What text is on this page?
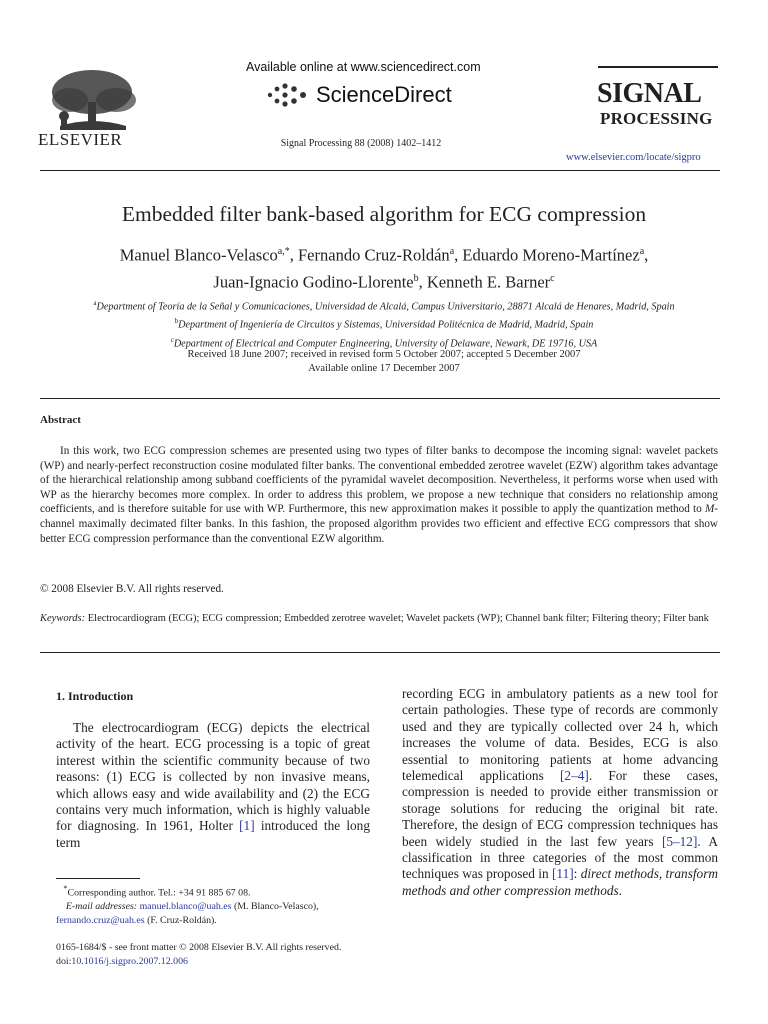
ELSEVIER
Available online at www.sciencedirect.com
ScienceDirect
Signal Processing 88 (2008) 1402–1412
SIGNAL
PROCESSING
www.elsevier.com/locate/sigpro
Embedded filter bank-based algorithm for ECG compression
Manuel Blanco-Velasco$^{a,*}$, Fernando Cruz-Roldán$^a$, Eduardo Moreno-Martínez$^a$,
Juan-Ignacio Godino-Llorente$^b$, Kenneth E. Barner$^c$
$^a$Department of Teoría de la Señal y Comunicaciones, Universidad de Alcalá, Campus Universitario, 28871 Alcalá de Henares, Madrid, Spain
$^b$Department of Ingeniería de Circuitos y Sistemas, Universidad Politécnica de Madrid, Madrid, Spain
$^c$Department of Electrical and Computer Engineering, University of Delaware, Newark, DE 19716, USA
Received 18 June 2007; received in revised form 5 October 2007; accepted 5 December 2007
Available online 17 December 2007
Abstract
In this work, two ECG compression schemes are presented using two types of filter banks to decompose the incoming signal: wavelet packets (WP) and nearly-perfect reconstruction cosine modulated filter banks. The conventional embedded zerotree wavelet (EZW) algorithm takes advantage of the hierarchical relationship among subband coefficients of the pyramidal wavelet decomposition. Nevertheless, it performs worse when used with WP as the hierarchy becomes more complex. In order to address this problem, we propose a new technique that considers no relationship among coefficients, and is therefore suitable for use with WP. Furthermore, this new approximation makes it possible to apply the quantization method to M-channel maximally decimated filter banks. In this fashion, the proposed algorithm provides two efficient and effective ECG compressors that show better ECG compression performance than the conventional EZW algorithm.
© 2008 Elsevier B.V. All rights reserved.
Keywords: Electrocardiogram (ECG); ECG compression; Embedded zerotree wavelet; Wavelet packets (WP); Channel bank filter; Filtering theory; Filter bank
1. Introduction
The electrocardiogram (ECG) depicts the electrical activity of the heart. ECG processing is a topic of great interest within the scientific community because of two reasons: (1) ECG is collected by non invasive means, which allows easy and wide availability and (2) the ECG contains very much information, which is highly valuable for diagnosing. In 1961, Holter [1] introduced the long term
recording ECG in ambulatory patients as a new tool for certain pathologies. These type of records are commonly used and they are typically collected over 24 h, which increases the volume of data. Besides, ECG is also essential to monitoring patients at home advancing telemedical applications [2–4]. For these cases, compression is needed to provide either transmission or storage solutions for reducing the original bit rate. Therefore, the design of ECG compression techniques has been widely studied in the last few years [5–12]. A classification in three categories of the most common techniques was proposed in [11]: direct methods, transform methods and other compression methods.
*Corresponding author. Tel.: +34 91 885 67 08.
E-mail addresses: manuel.blanco@uah.es (M. Blanco-Velasco),
fernando.cruz@uah.es (F. Cruz-Roldán).
0165-1684/$ - see front matter © 2008 Elsevier B.V. All rights reserved.
doi:10.1016/j.sigpro.2007.12.006
